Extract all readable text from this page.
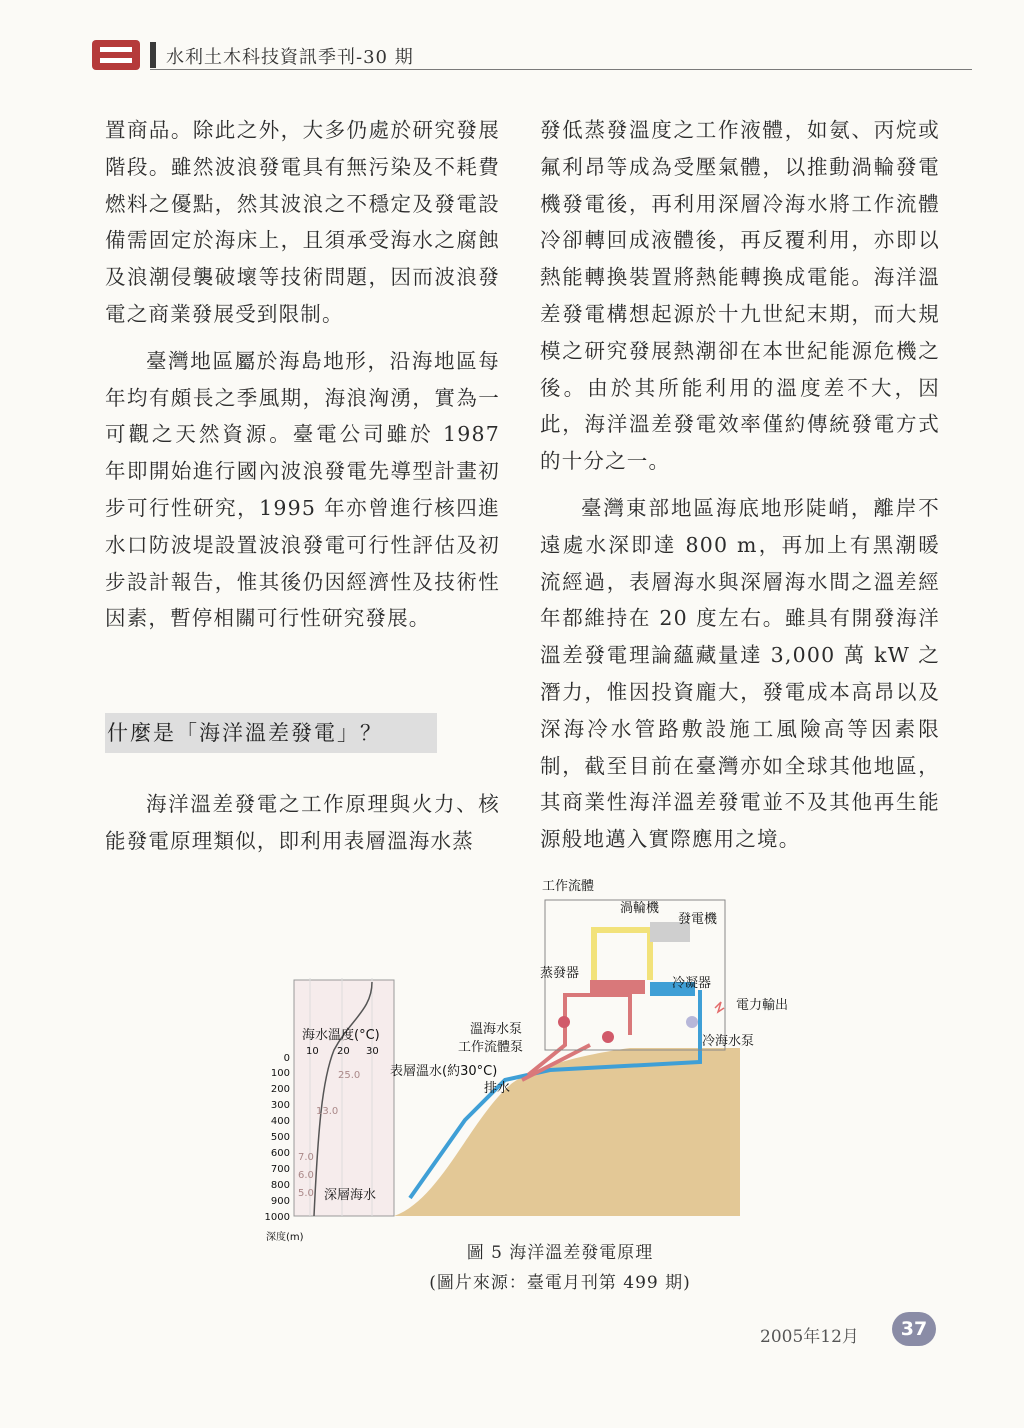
水利土木科技資訊季刊-30 期

置商品。除此之外，大多仍處於研究發展階段。雖然波浪發電具有無污染及不耗費燃料之優點，然其波浪之不穩定及發電設備需固定於海床上，且須承受海水之腐蝕及浪潮侵襲破壞等技術問題，因而波浪發電之商業發展受到限制。

臺灣地區屬於海島地形，沿海地區每年均有頗長之季風期，海浪洶湧，實為一可觀之天然資源。臺電公司雖於 1987 年即開始進行國內波浪發電先導型計畫初步可行性研究，1995 年亦曾進行核四進水口防波堤設置波浪發電可行性評估及初步設計報告，惟其後仍因經濟性及技術性因素，暫停相關可行性研究發展。

什麼是「海洋溫差發電」？

海洋溫差發電之工作原理與火力、核能發電原理類似，即利用表層溫海水蒸

發低蒸發溫度之工作液體，如氨、丙烷或氟利昂等成為受壓氣體，以推動渦輪發電機發電後，再利用深層冷海水將工作流體冷卻轉回成液體後，再反覆利用，亦即以熱能轉換裝置將熱能轉換成電能。海洋溫差發電構想起源於十九世紀末期，而大規模之研究發展熱潮卻在本世紀能源危機之後。由於其所能利用的溫度差不大，因此，海洋溫差發電效率僅約傳統發電方式的十分之一。

臺灣東部地區海底地形陡峭，離岸不遠處水深即達 800 m，再加上有黑潮暖流經過，表層海水與深層海水間之溫差經年都維持在 20 度左右。雖具有開發海洋溫差發電理論蘊藏量達 3,000 萬 kW 之潛力，惟因投資龐大，發電成本高昂以及深海冷水管路敷設施工風險高等因素限制，截至目前在臺灣亦如全球其他地區，其商業性海洋溫差發電並不及其他再生能源般地邁入實際應用之境。

工作流體
渦輪機
發電機
蒸發器
冷凝器
電力輸出
溫海水泵
工作流體泵	冷海水泵
表層溫水(約30°C)
排水
深層海水
海水溫度(°C)
深度(m)
10 20 30
0
100
200
300
400
500
600
700
800
900
1000
25.0
13.0
7.0
6.0
5.0
圖 5 海洋溫差發電原理
(圖片來源：臺電月刊第 499 期)
2005年12月	37
